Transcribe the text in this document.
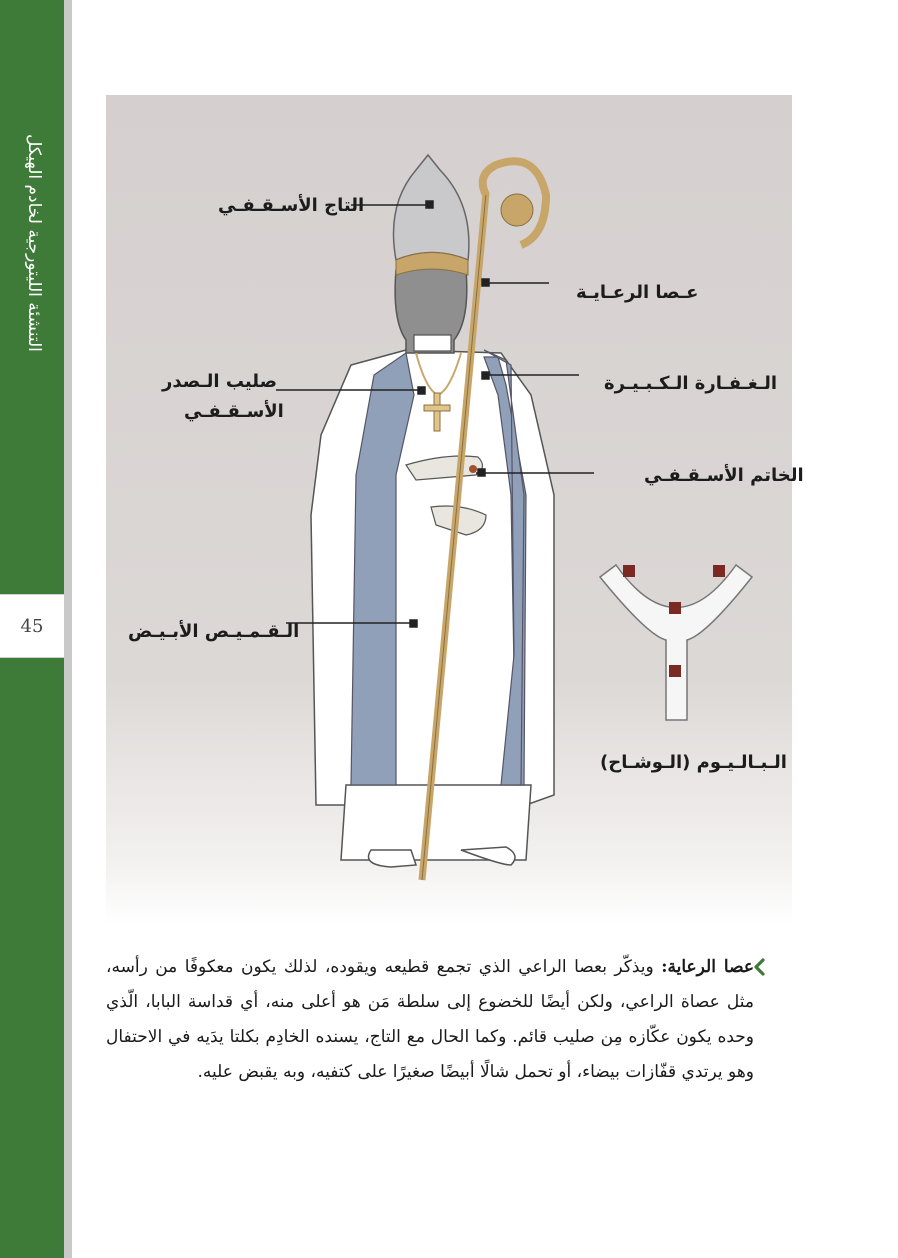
التنشئة الليتورجية لخادم الهيكل
45
التاج الأسـقـفـي
عـصا الرعـايـة
صليب الـصدر
الأسـقـفـي
الـغـفـارة الـكـبـيـرة
الخاتم الأسـقـفـي
الـقـمـيـص الأبـيـض
الـبـالـيـوم (الـوشـاح)
عصا الرعاية: ويذكّر بعصا الراعي الذي تجمع قطيعه ويقوده، لذلك يكون معكوفًا من رأسه، مثل عصاة الراعي، ولكن أيضًا للخضوع إلى سلطة مَن هو أعلى منه، أي قداسة البابا، الّذي وحده يكون عكّازه مِن صليب قائم. وكما الحال مع التاج، يسنده الخادِم بكلتا يدَيه في الاحتفال وهو يرتدي قفّازات بيضاء، أو تحمل شالًا أبيضًا صغيرًا على كتفيه، وبه يقبض عليه.
